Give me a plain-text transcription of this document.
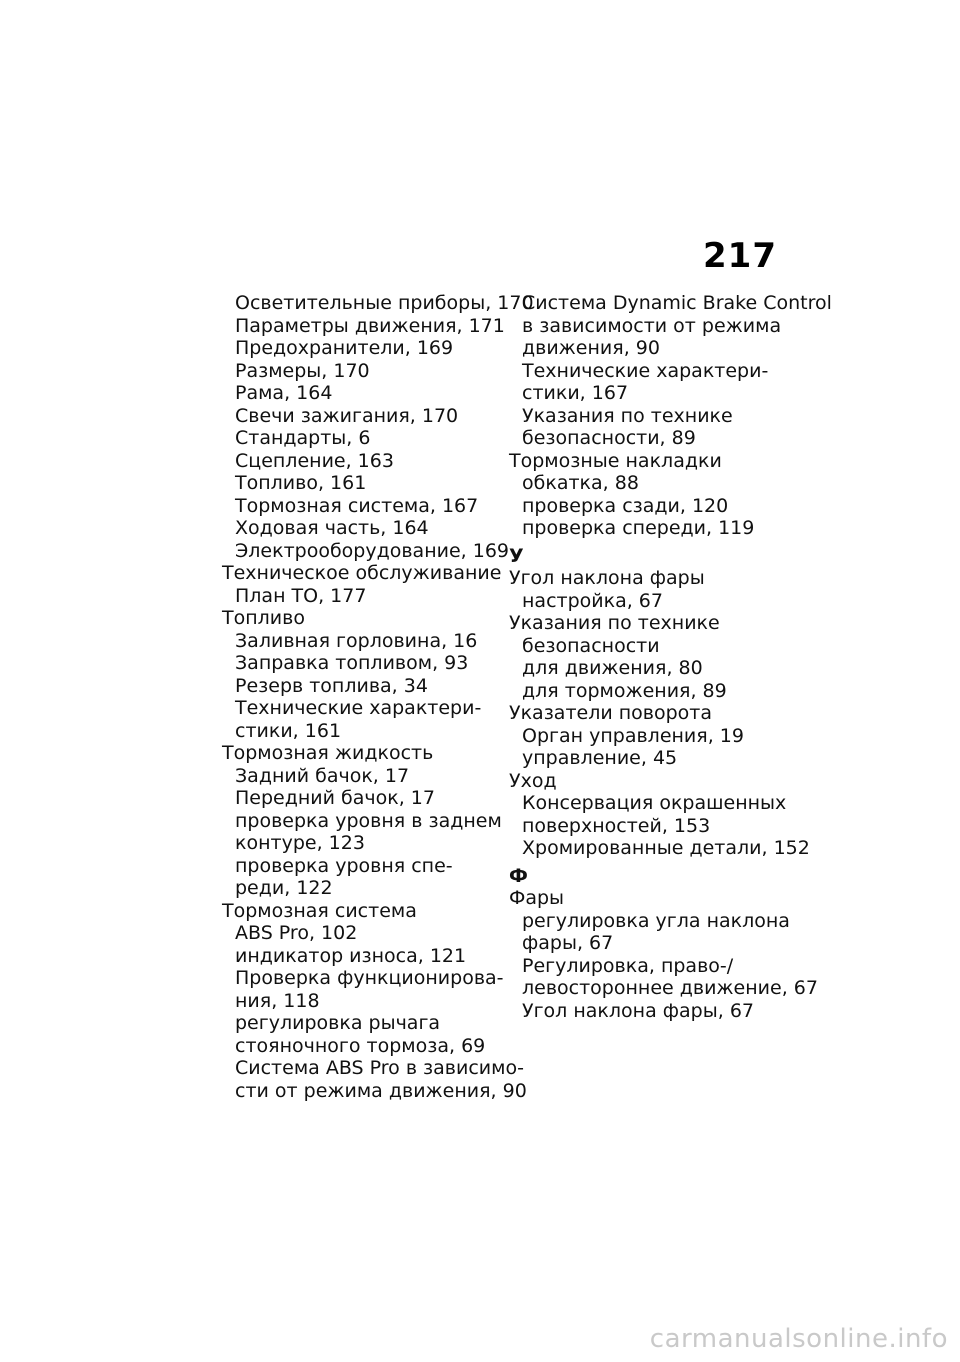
217
Осветительные приборы, 170
Параметры движения, 171
Предохранители, 169
Размеры, 170
Рама, 164
Свечи зажигания, 170
Стандарты, 6
Сцепление, 163
Топливо, 161
Тормозная система, 167
Ходовая часть, 164
Электрооборудование, 169
Техническое обслуживание
План ТО, 177
Топливо
Заливная горловина, 16
Заправка топливом, 93
Резерв топлива, 34
Технические характери-
стики, 161
Тормозная жидкость
Задний бачок, 17
Передний бачок, 17
проверка уровня в заднем
контуре, 123
проверка уровня спе-
реди, 122
Тормозная система
ABS Pro, 102
индикатор износа, 121
Проверка функционирова-
ния, 118
регулировка рычага
стояночного тормоза, 69
Система ABS Pro в зависимо-
сти от режима движения, 90
Система Dynamic Brake Control
в зависимости от режима
движения, 90
Технические характери-
стики, 167
Указания по технике
безопасности, 89
Тормозные накладки
обкатка, 88
проверка сзади, 120
проверка спереди, 119
У
Угол наклона фары
настройка, 67
Указания по технике
безопасности
для движения, 80
для торможения, 89
Указатели поворота
Орган управления, 19
управление, 45
Уход
Консервация окрашенных
поверхностей, 153
Хромированные детали, 152
Ф
Фары
регулировка угла наклона
фары, 67
Регулировка, право-/
левостороннее движение, 67
Угол наклона фары, 67
carmanualsonline.info
